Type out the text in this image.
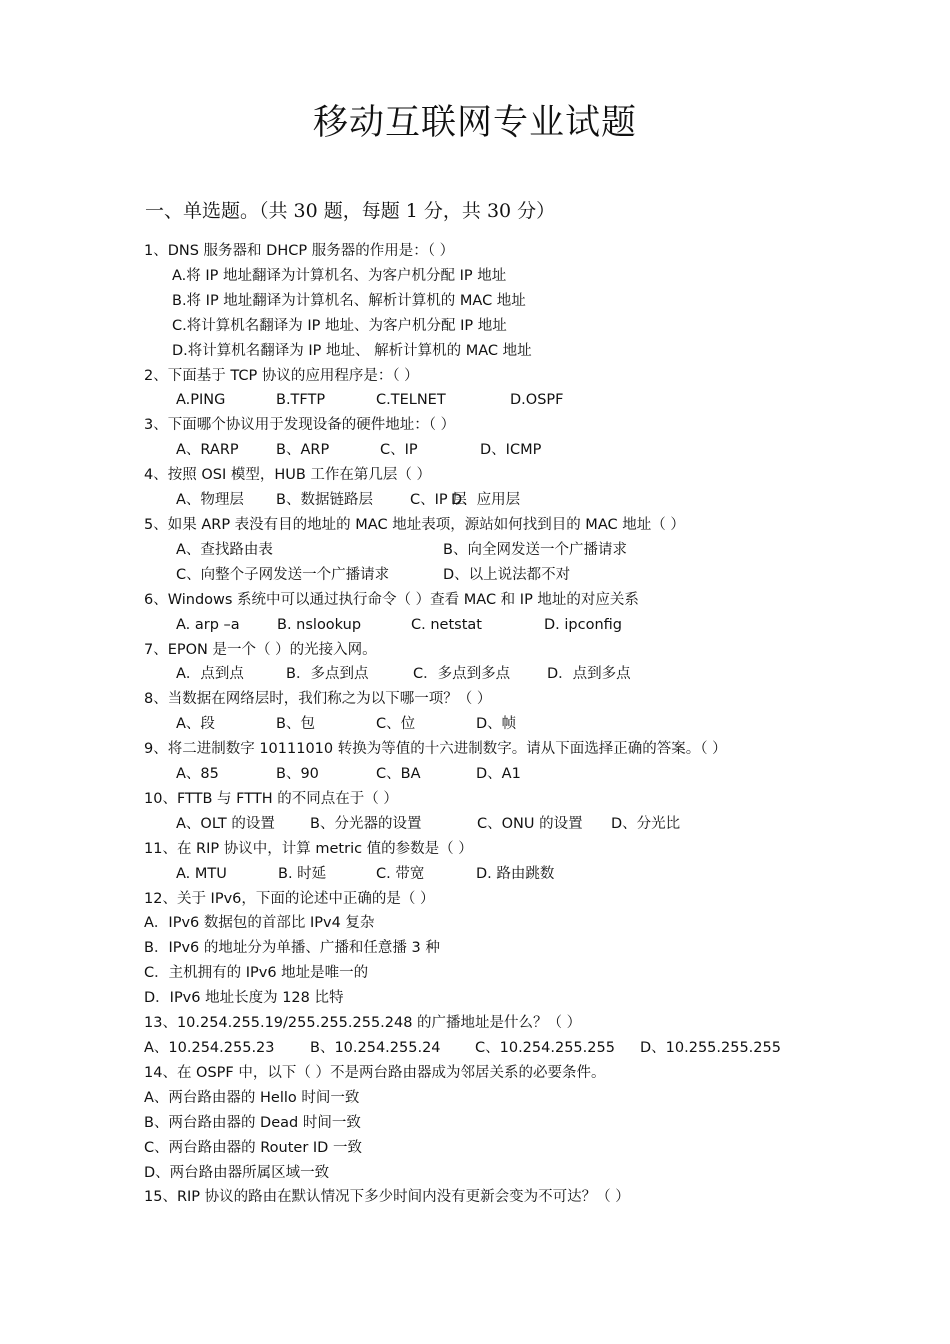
移动互联网专业试题
一、单选题。（共 30 题，每题 1 分，共 30 分）
1、DNS 服务器和 DHCP 服务器的作用是：（ ）
A.将 IP 地址翻译为计算机名、为客户机分配 IP 地址
B.将 IP 地址翻译为计算机名、解析计算机的 MAC 地址
C.将计算机名翻译为 IP 地址、为客户机分配 IP 地址
D.将计算机名翻译为 IP 地址、 解析计算机的 MAC 地址
2、下面基于 TCP 协议的应用程序是：（ ）
A.PING	B.TFTP	C.TELNET	D.OSPF
3、下面哪个协议用于发现设备的硬件地址：（ ）
A、RARP	B、ARP	C、IP	D、ICMP
4、按照 OSI 模型，HUB 工作在第几层（ ）
A、物理层 B、数据链路层	C、IP 层D、应用层
5、如果 ARP 表没有目的地址的 MAC 地址表项，源站如何找到目的 MAC 地址（ ）
A、查找路由表	B、向全网发送一个广播请求
C、向整个子网发送一个广播请求	D、以上说法都不对
6、Windows 系统中可以通过执行命令（ ）查看 MAC 和 IP 地址的对应关系
A. arp –a	B. nslookup	C. netstat	D. ipconfig
7、EPON 是一个（ ）的光接入网。
A．点到点	B．多点到点	C．多点到多点	D．点到多点
8、当数据在网络层时，我们称之为以下哪一项？（ ）
A、段	B、包	C、位	D、帧
9、将二进制数字 10111010 转换为等值的十六进制数字。请从下面选择正确的答案。（ ）
A、85	B、90	C、BA	D、A1
10、FTTB 与 FTTH 的不同点在于（ ）
A、OLT 的设置 B、分光器的设置	C、ONU 的设置 D、分光比
11、在 RIP 协议中，计算 metric 值的参数是（ ）
A. MTU	B. 时延	C. 带宽	D. 路由跳数
12、关于 IPv6，下面的论述中正确的是（ ）
A．IPv6 数据包的首部比 IPv4 复杂
B．IPv6 的地址分为单播、广播和任意播 3 种
C．主机拥有的 IPv6 地址是唯一的
D．IPv6 地址长度为 128 比特
13、10.254.255.19/255.255.255.248 的广播地址是什么？（ ）
A、10.254.255.23 B、10.254.255.24 C、10.254.255.255 D、10.255.255.255
14、在 OSPF 中，以下（ ）不是两台路由器成为邻居关系的必要条件。
A、两台路由器的 Hello 时间一致
B、两台路由器的 Dead 时间一致
C、两台路由器的 Router ID 一致
D、两台路由器所属区域一致
15、RIP 协议的路由在默认情况下多少时间内没有更新会变为不可达？（ ）
